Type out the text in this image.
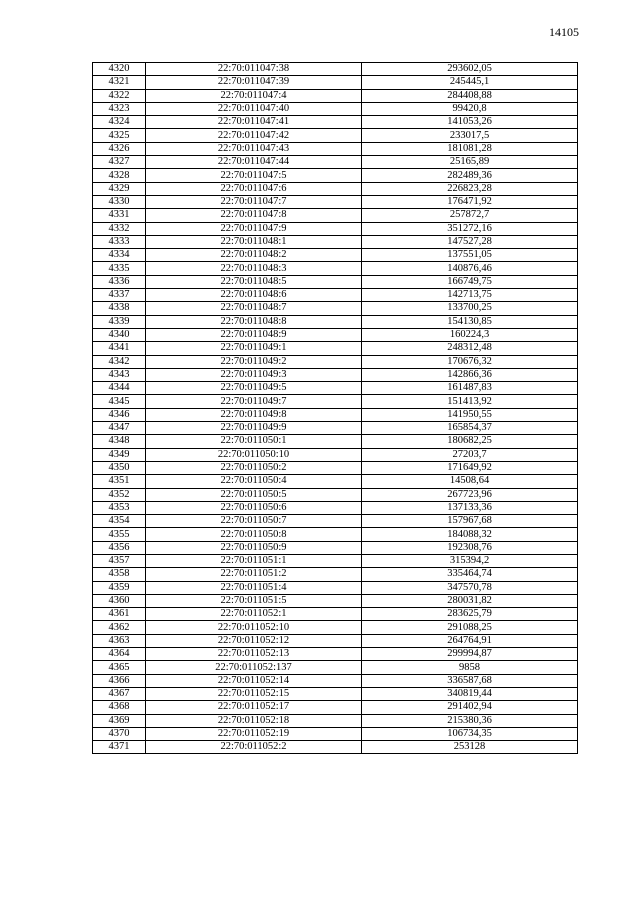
14105
4320	22:70:011047:38	293602,05
4321	22:70:011047:39	245445,1
4322	22:70:011047:4	284408,88
4323	22:70:011047:40	99420,8
4324	22:70:011047:41	141053,26
4325	22:70:011047:42	233017,5
4326	22:70:011047:43	181081,28
4327	22:70:011047:44	25165,89
4328	22:70:011047:5	282489,36
4329	22:70:011047:6	226823,28
4330	22:70:011047:7	176471,92
4331	22:70:011047:8	257872,7
4332	22:70:011047:9	351272,16
4333	22:70:011048:1	147527,28
4334	22:70:011048:2	137551,05
4335	22:70:011048:3	140876,46
4336	22:70:011048:5	166749,75
4337	22:70:011048:6	142713,75
4338	22:70:011048:7	133700,25
4339	22:70:011048:8	154130,85
4340	22:70:011048:9	160224,3
4341	22:70:011049:1	248312,48
4342	22:70:011049:2	170676,32
4343	22:70:011049:3	142866,36
4344	22:70:011049:5	161487,83
4345	22:70:011049:7	151413,92
4346	22:70:011049:8	141950,55
4347	22:70:011049:9	165854,37
4348	22:70:011050:1	180682,25
4349	22:70:011050:10	27203,7
4350	22:70:011050:2	171649,92
4351	22:70:011050:4	14508,64
4352	22:70:011050:5	267723,96
4353	22:70:011050:6	137133,36
4354	22:70:011050:7	157967,68
4355	22:70:011050:8	184088,32
4356	22:70:011050:9	192308,76
4357	22:70:011051:1	315394,2
4358	22:70:011051:2	335464,74
4359	22:70:011051:4	347570,78
4360	22:70:011051:5	280031,82
4361	22:70:011052:1	283625,79
4362	22:70:011052:10	291088,25
4363	22:70:011052:12	264764,91
4364	22:70:011052:13	299994,87
4365	22:70:011052:137	9858
4366	22:70:011052:14	336587,68
4367	22:70:011052:15	340819,44
4368	22:70:011052:17	291402,94
4369	22:70:011052:18	215380,36
4370	22:70:011052:19	106734,35
4371	22:70:011052:2	253128
